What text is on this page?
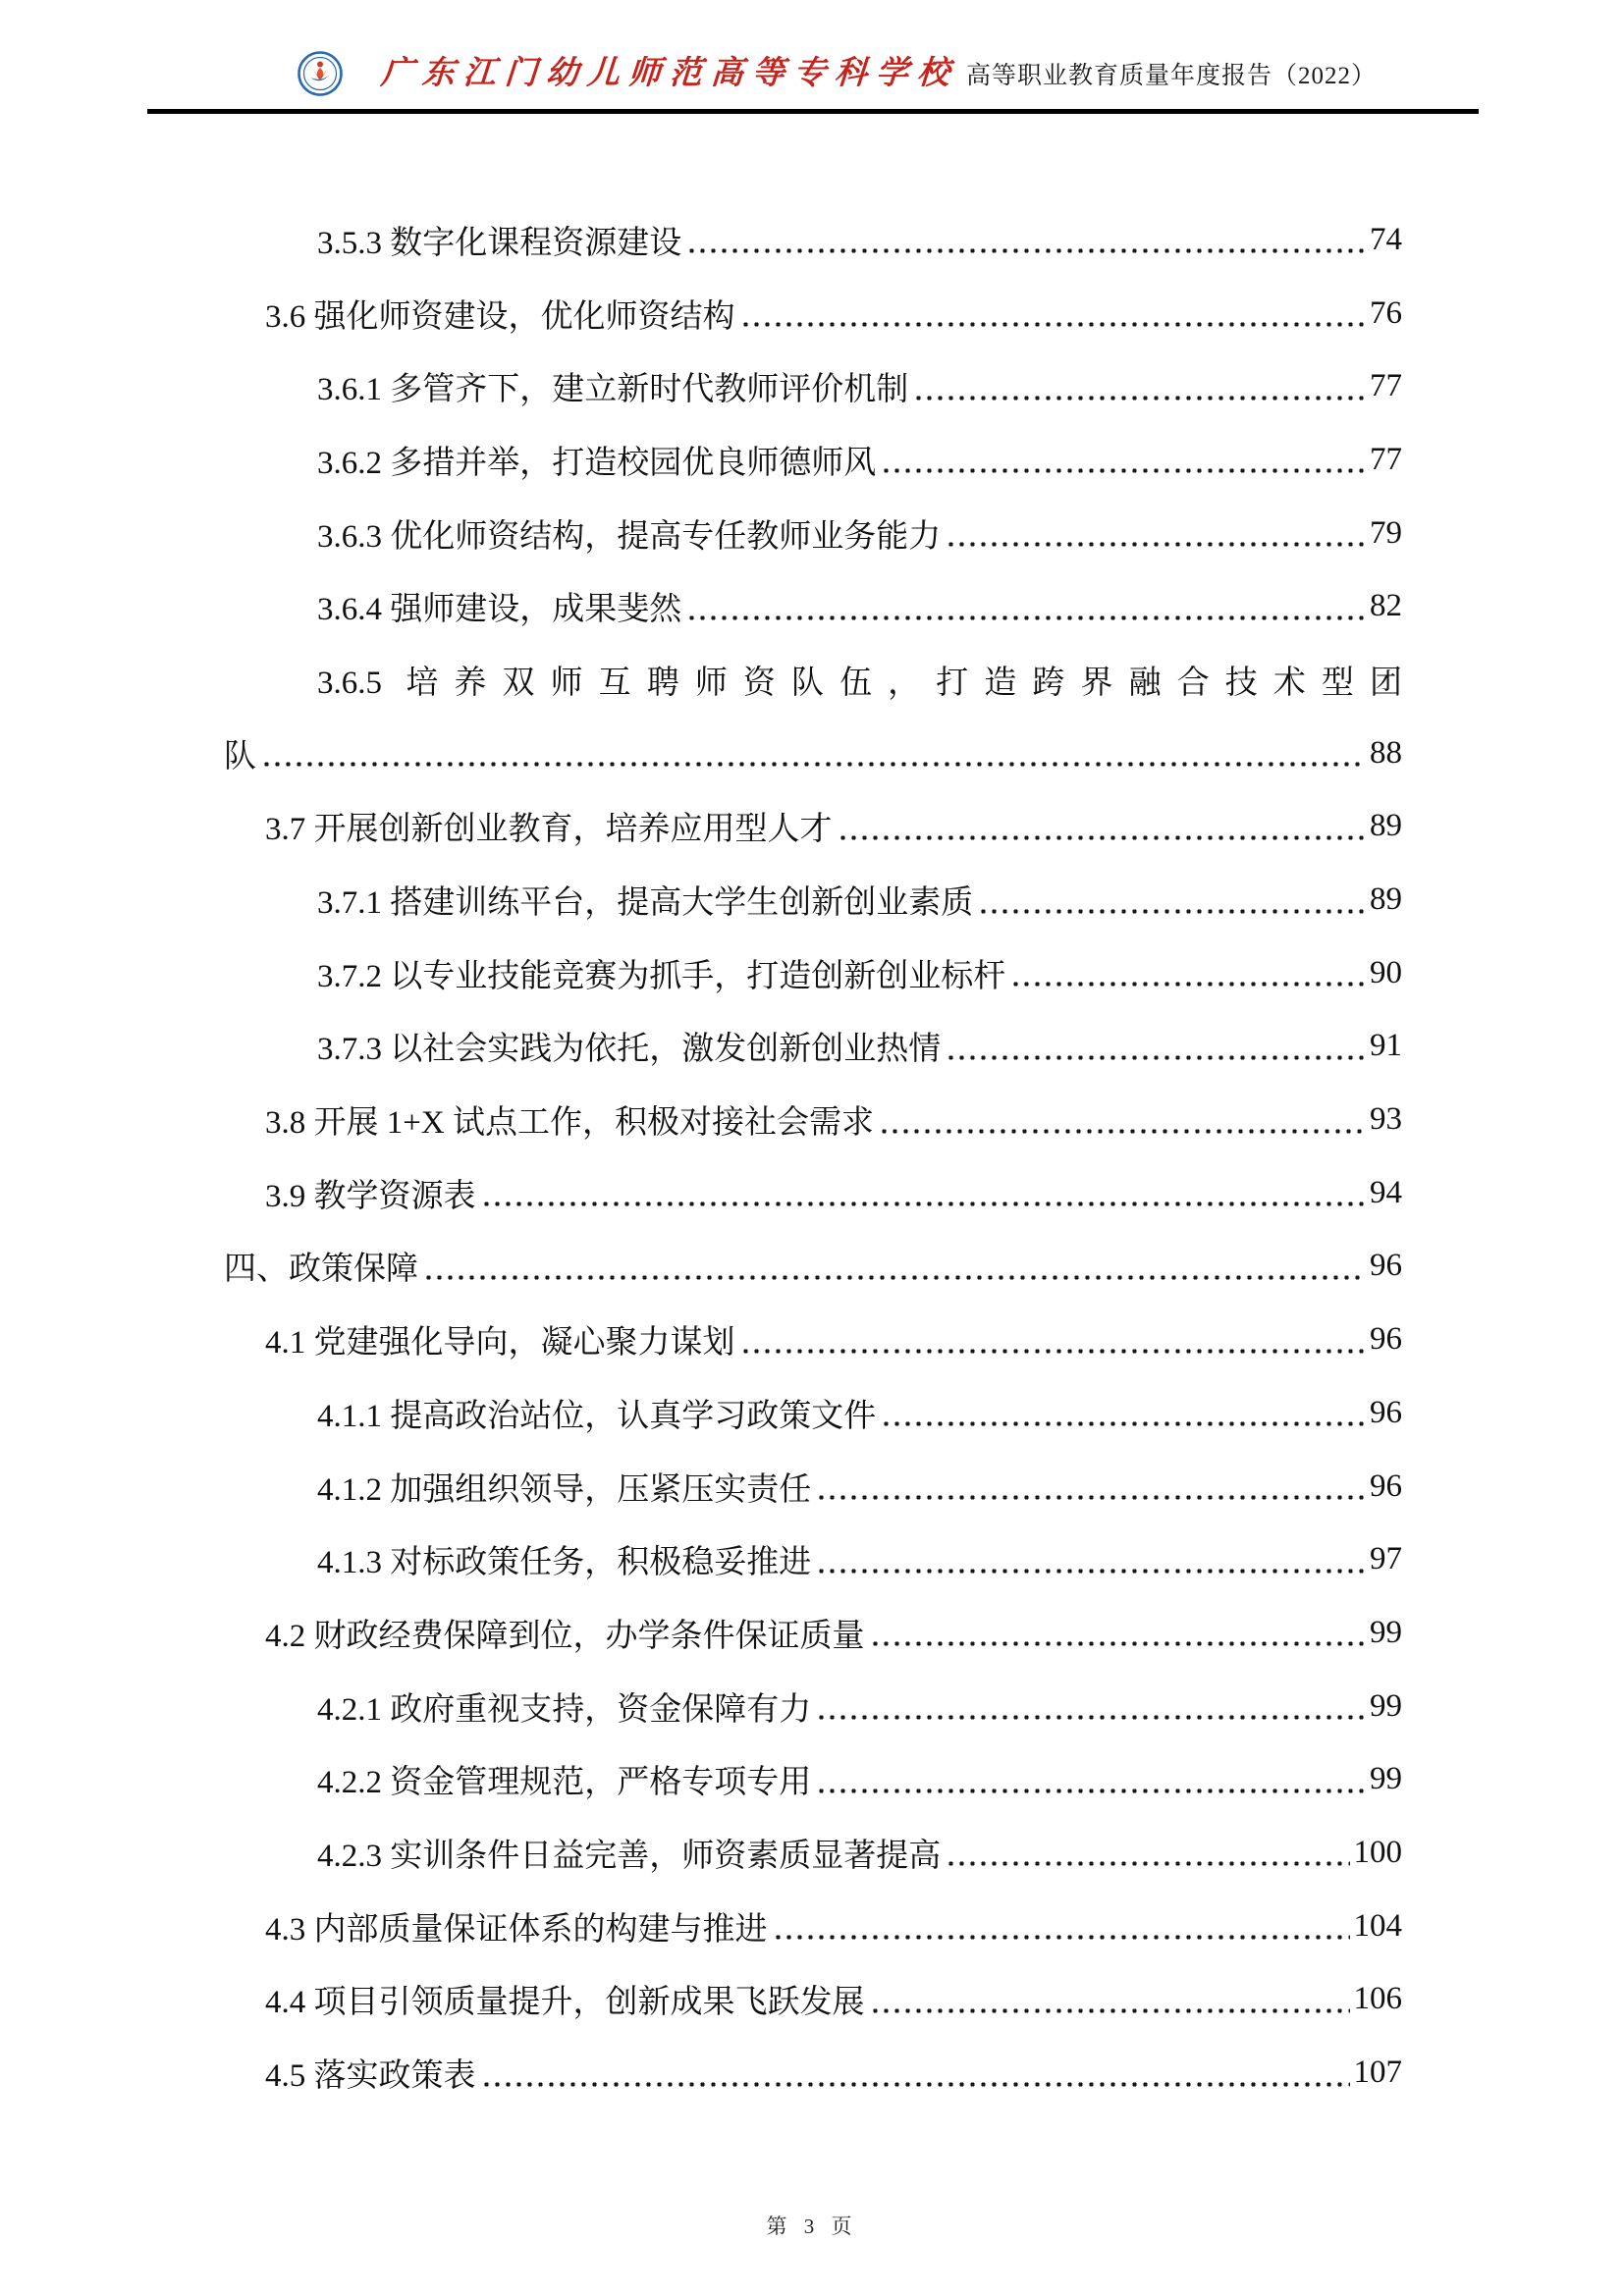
广东江门幼儿师范高等专科学校 高等职业教育质量年度报告（2022）
3.5.3 数字化课程资源建设	74
3.6 强化师资建设，优化师资结构	76
3.6.1 多管齐下，建立新时代教师评价机制	77
3.6.2 多措并举，打造校园优良师德师风	77
3.6.3 优化师资结构，提高专任教师业务能力	79
3.6.4 强师建设，成果斐然	82
3.6.5 培养双师互聘师资队伍，打造跨界融合技术型团
队	88
3.7 开展创新创业教育，培养应用型人才	89
3.7.1 搭建训练平台，提高大学生创新创业素质	89
3.7.2 以专业技能竞赛为抓手，打造创新创业标杆	90
3.7.3 以社会实践为依托，激发创新创业热情	91
3.8 开展 1+X 试点工作，积极对接社会需求	93
3.9 教学资源表	94
四、政策保障	96
4.1 党建强化导向，凝心聚力谋划	96
4.1.1 提高政治站位，认真学习政策文件	96
4.1.2 加强组织领导，压紧压实责任	96
4.1.3 对标政策任务，积极稳妥推进	97
4.2 财政经费保障到位，办学条件保证质量	99
4.2.1 政府重视支持，资金保障有力	99
4.2.2 资金管理规范，严格专项专用	99
4.2.3 实训条件日益完善，师资素质显著提高	100
4.3 内部质量保证体系的构建与推进	104
4.4 项目引领质量提升，创新成果飞跃发展	106
4.5 落实政策表	107
第 3 页
